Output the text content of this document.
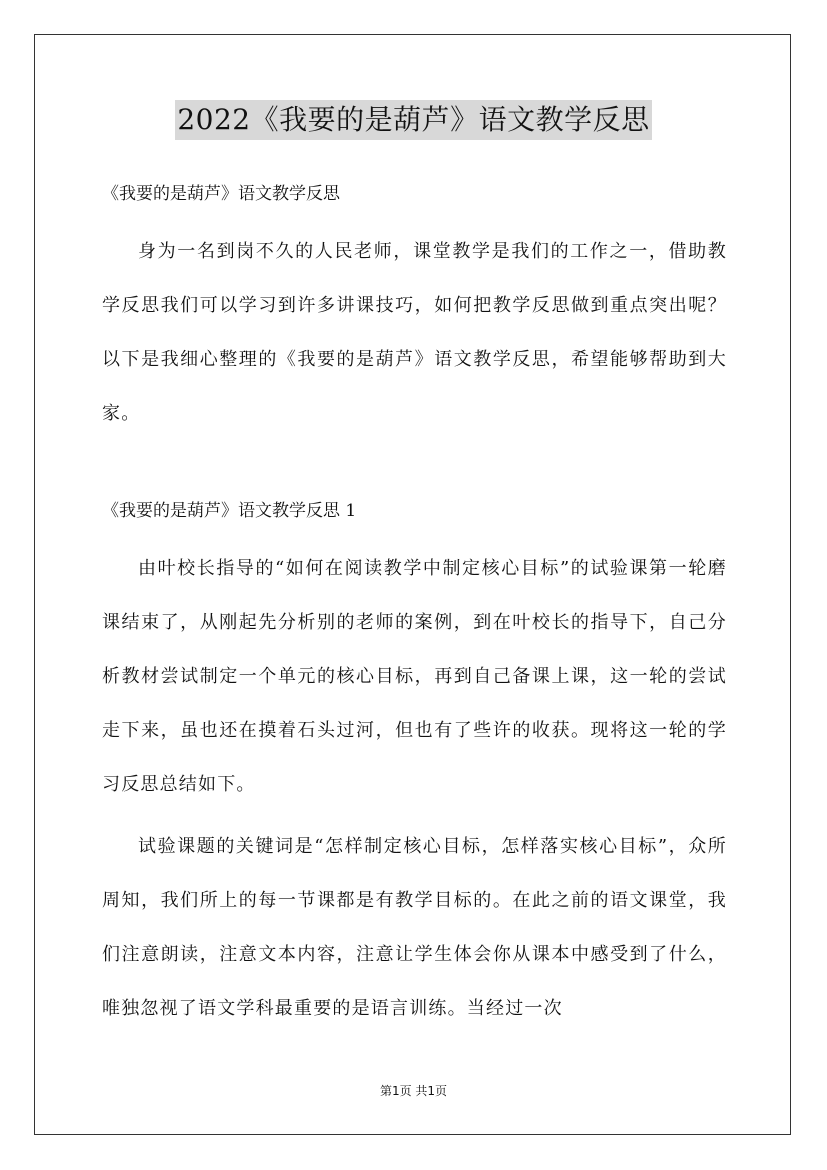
2022《我要的是葫芦》语文教学反思

《我要的是葫芦》语文教学反思

身为一名到岗不久的人民老师，课堂教学是我们的工作之一，借助教学反思我们可以学习到许多讲课技巧，如何把教学反思做到重点突出呢？以下是我细心整理的《我要的是葫芦》语文教学反思，希望能够帮助到大家。

《我要的是葫芦》语文教学反思 1

由叶校长指导的“如何在阅读教学中制定核心目标”的试验课第一轮磨课结束了，从刚起先分析别的老师的案例，到在叶校长的指导下，自己分析教材尝试制定一个单元的核心目标，再到自己备课上课，这一轮的尝试走下来，虽也还在摸着石头过河，但也有了些许的收获。现将这一轮的学习反思总结如下。

试验课题的关键词是“怎样制定核心目标，怎样落实核心目标”，众所周知，我们所上的每一节课都是有教学目标的。在此之前的语文课堂，我们注意朗读，注意文本内容，注意让学生体会你从课本中感受到了什么，唯独忽视了语文学科最重要的是语言训练。当经过一次

第1页 共1页
